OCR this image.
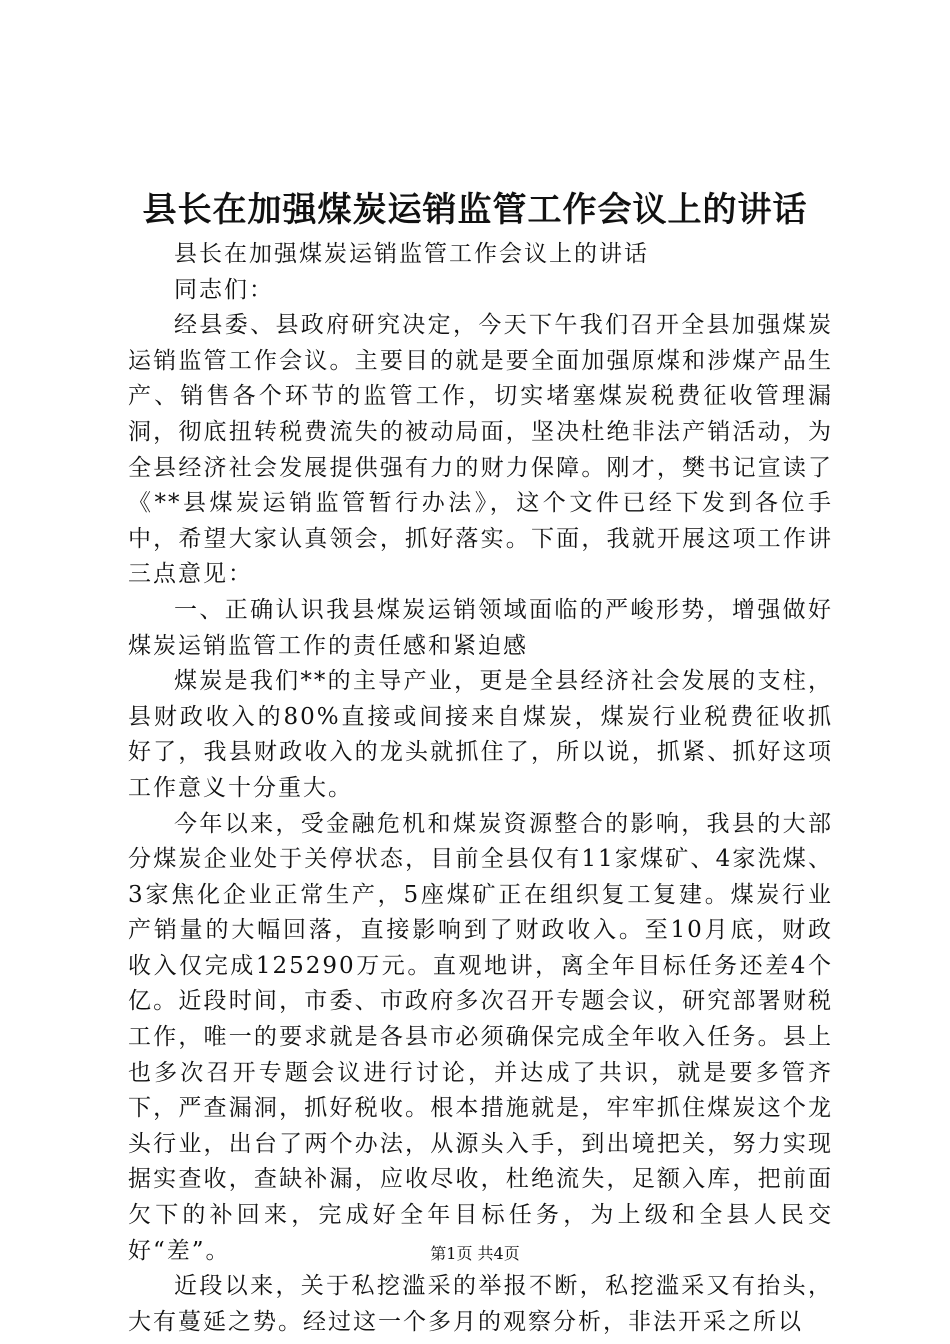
县长在加强煤炭运销监管工作会议上的讲话

县长在加强煤炭运销监管工作会议上的讲话

同志们：

经县委、县政府研究决定，今天下午我们召开全县加强煤炭运销监管工作会议。主要目的就是要全面加强原煤和涉煤产品生产、销售各个环节的监管工作，切实堵塞煤炭税费征收管理漏洞，彻底扭转税费流失的被动局面，坚决杜绝非法产销活动，为全县经济社会发展提供强有力的财力保障。刚才，樊书记宣读了《**县煤炭运销监管暂行办法》，这个文件已经下发到各位手中，希望大家认真领会，抓好落实。下面，我就开展这项工作讲三点意见：

一、正确认识我县煤炭运销领域面临的严峻形势，增强做好煤炭运销监管工作的责任感和紧迫感

煤炭是我们**的主导产业，更是全县经济社会发展的支柱，县财政收入的80%直接或间接来自煤炭，煤炭行业税费征收抓好了，我县财政收入的龙头就抓住了，所以说，抓紧、抓好这项工作意义十分重大。

今年以来，受金融危机和煤炭资源整合的影响，我县的大部分煤炭企业处于关停状态，目前全县仅有11家煤矿、4家洗煤、3家焦化企业正常生产，5座煤矿正在组织复工复建。煤炭行业产销量的大幅回落，直接影响到了财政收入。至10月底，财政收入仅完成125290万元。直观地讲，离全年目标任务还差4个亿。近段时间，市委、市政府多次召开专题会议，研究部署财税工作，唯一的要求就是各县市必须确保完成全年收入任务。县上也多次召开专题会议进行讨论，并达成了共识，就是要多管齐下，严查漏洞，抓好税收。根本措施就是，牢牢抓住煤炭这个龙头行业，出台了两个办法，从源头入手，到出境把关，努力实现据实查收，查缺补漏，应收尽收，杜绝流失，足额入库，把前面欠下的补回来，完成好全年目标任务，为上级和全县人民交好“差”。

近段以来，关于私挖滥采的举报不断，私挖滥采又有抬头，大有蔓延之势。经过这一个多月的观察分析，非法开采之所以

第1页 共4页
